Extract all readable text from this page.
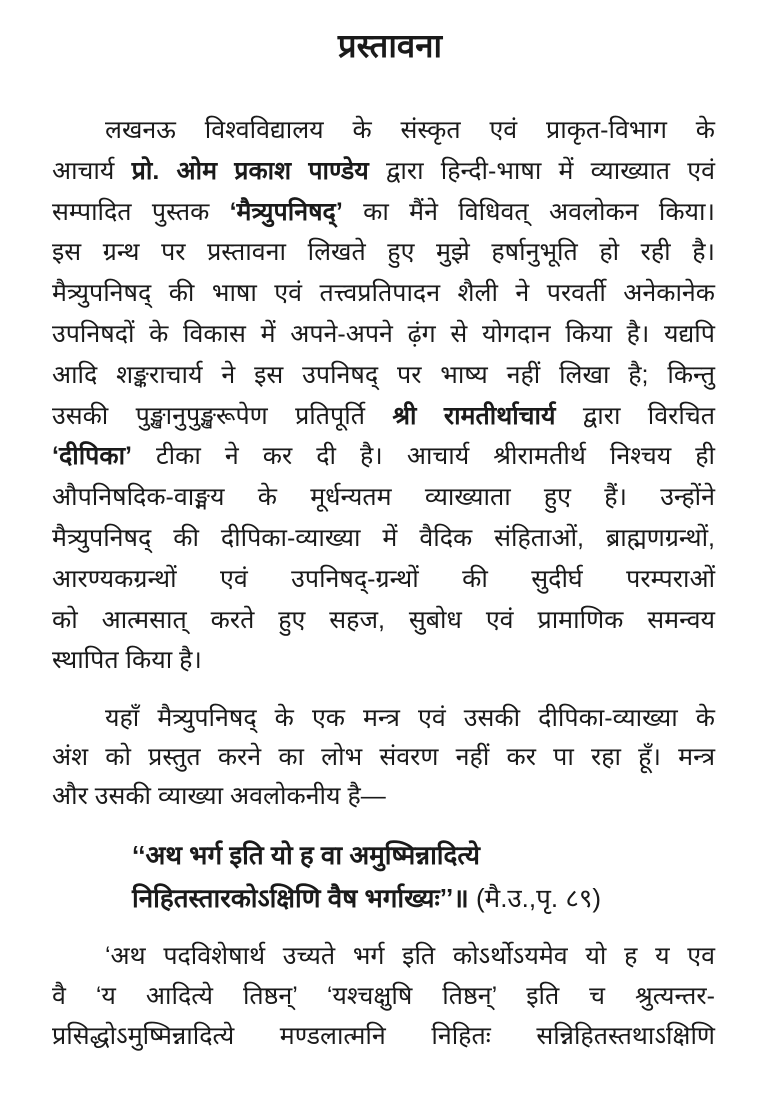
प्रस्तावना
लखनऊ विश्वविद्यालय के संस्कृत एवं प्राकृत-विभाग के
आचार्य प्रो. ओम प्रकाश पाण्डेय द्वारा हिन्दी-भाषा में व्याख्यात एवं
सम्पादित पुस्तक ‘मैत्र्युपनिषद्’ का मैंने विधिवत् अवलोकन किया।
इस ग्रन्थ पर प्रस्तावना लिखते हुए मुझे हर्षानुभूति हो रही है।
मैत्र्युपनिषद् की भाषा एवं तत्त्वप्रतिपादन शैली ने परवर्ती अनेकानेक
उपनिषदों के विकास में अपने-अपने ढ़ंग से योगदान किया है। यद्यपि
आदि शङ्कराचार्य ने इस उपनिषद् पर भाष्य नहीं लिखा है; किन्तु
उसकी पुङ्खानुपुङ्खरूपेण प्रतिपूर्ति श्री रामतीर्थाचार्य द्वारा विरचित
‘दीपिका’ टीका ने कर दी है। आचार्य श्रीरामतीर्थ निश्चय ही
औपनिषदिक-वाङ्मय के मूर्धन्यतम व्याख्याता हुए हैं। उन्होंने
मैत्र्युपनिषद् की दीपिका-व्याख्या में वैदिक संहिताओं, ब्राह्मणग्रन्थों,
आरण्यकग्रन्थों एवं उपनिषद्-ग्रन्थों की सुदीर्घ परम्पराओं
को आत्मसात् करते हुए सहज, सुबोध एवं प्रामाणिक समन्वय
स्थापित किया है।
यहाँ मैत्र्युपनिषद् के एक मन्त्र एवं उसकी दीपिका-व्याख्या के
अंश को प्रस्तुत करने का लोभ संवरण नहीं कर पा रहा हूँ। मन्त्र
और उसकी व्याख्या अवलोकनीय है—
‘‘अथ भर्ग इति यो ह वा अमुष्मिन्नादित्ये
निहितस्तारकोऽक्षिणि वैष भर्गाख्यः’’॥ (मै.उ.,पृ. ८९)
‘अथ पदविशेषार्थ उच्यते भर्ग इति कोऽर्थोऽयमेव यो ह य एव
वै ‘य आदित्ये तिष्ठन्’ ‘यश्चक्षुषि तिष्ठन्’ इति च श्रुत्यन्तर-
प्रसिद्धोऽमुष्मिन्नादित्ये मण्डलात्मनि निहितः सन्निहितस्तथाऽक्षिणि
